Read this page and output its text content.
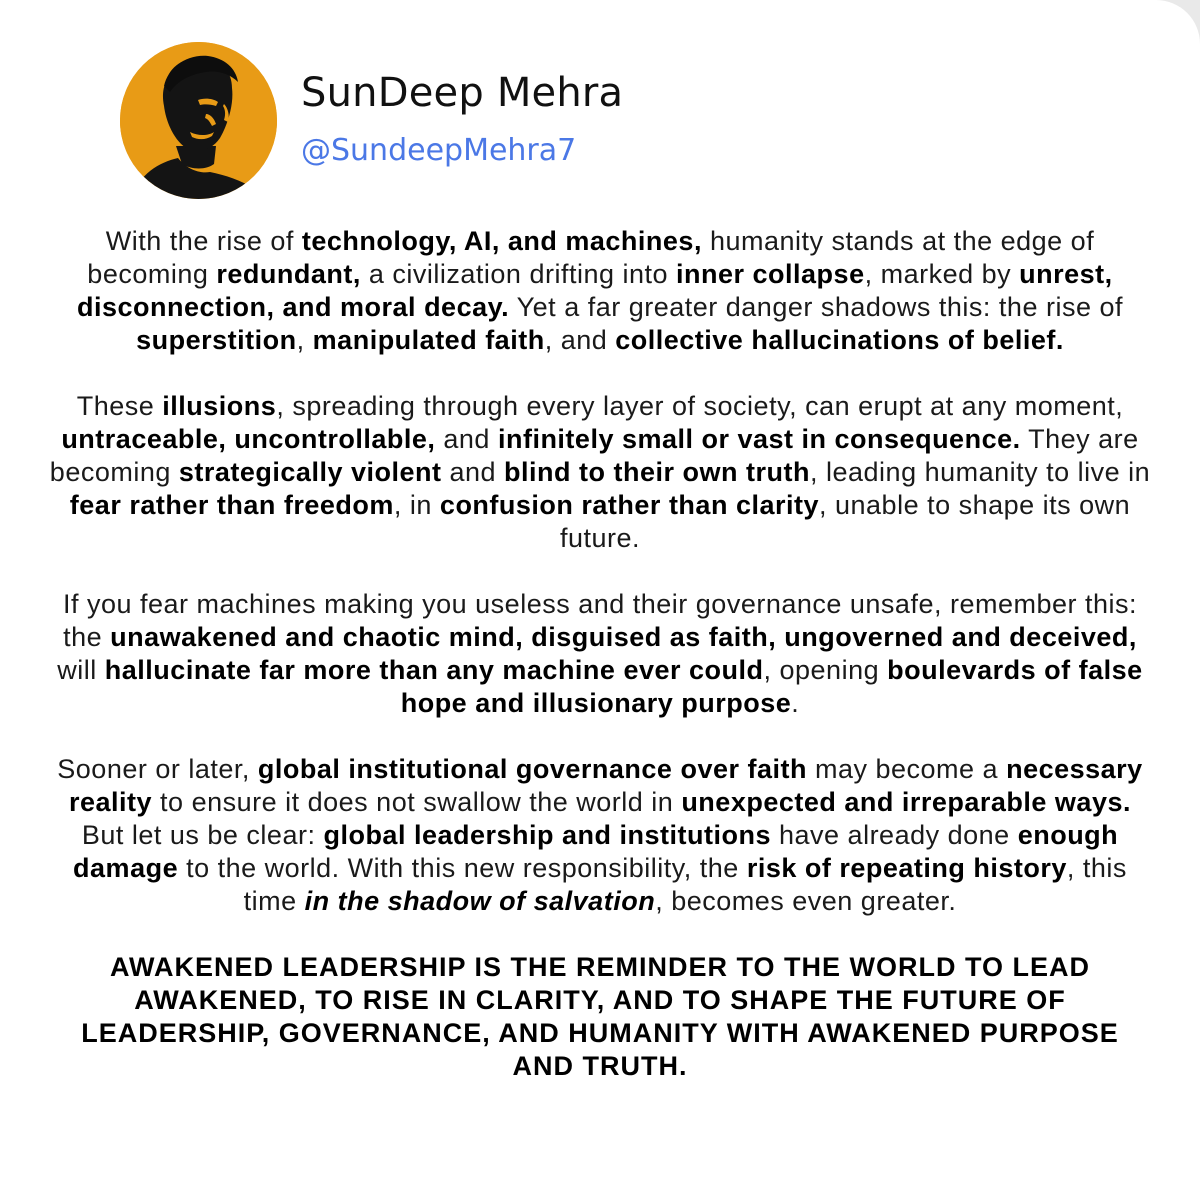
SunDeep Mehra
@SundeepMehra7

With the rise of technology, AI, and machines, humanity stands at the edge of becoming redundant, a civilization drifting into inner collapse, marked by unrest, disconnection, and moral decay. Yet a far greater danger shadows this: the rise of superstition, manipulated faith, and collective hallucinations of belief.

These illusions, spreading through every layer of society, can erupt at any moment, untraceable, uncontrollable, and infinitely small or vast in consequence. They are becoming strategically violent and blind to their own truth, leading humanity to live in fear rather than freedom, in confusion rather than clarity, unable to shape its own future.

If you fear machines making you useless and their governance unsafe, remember this: the unawakened and chaotic mind, disguised as faith, ungoverned and deceived, will hallucinate far more than any machine ever could, opening boulevards of false hope and illusionary purpose.

Sooner or later, global institutional governance over faith may become a necessary reality to ensure it does not swallow the world in unexpected and irreparable ways. But let us be clear: global leadership and institutions have already done enough damage to the world. With this new responsibility, the risk of repeating history, this time in the shadow of salvation, becomes even greater.

AWAKENED LEADERSHIP IS THE REMINDER TO THE WORLD TO LEAD AWAKENED, TO RISE IN CLARITY, AND TO SHAPE THE FUTURE OF LEADERSHIP, GOVERNANCE, AND HUMANITY WITH AWAKENED PURPOSE AND TRUTH.
